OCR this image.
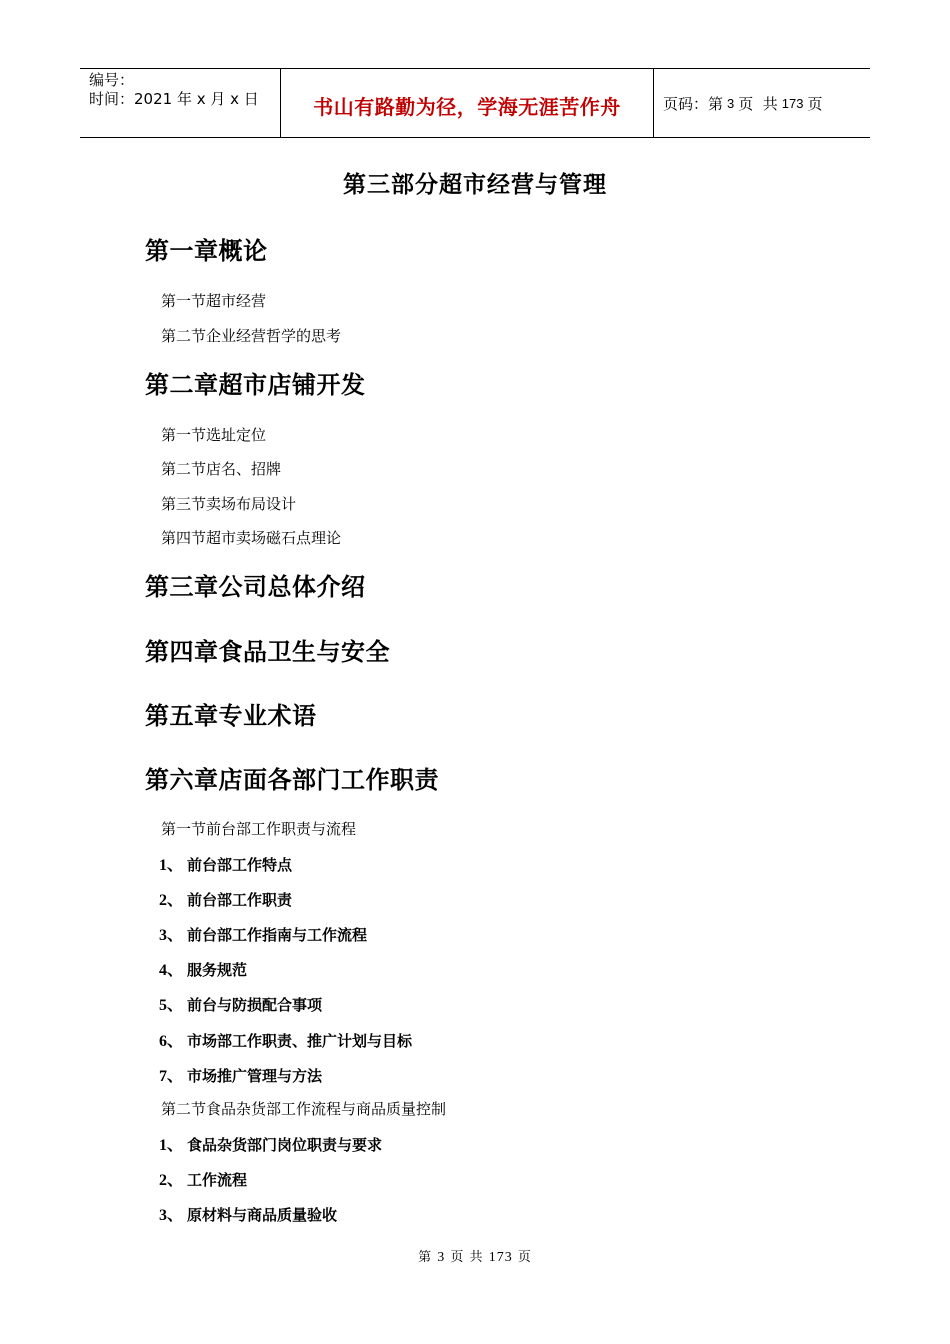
编号：
时间：2021 年 x 月 x 日	书山有路勤为径，学海无涯苦作舟	页码：第 3 页  共 173 页
第三部分超市经营与管理
第一章概论
第一节超市经营
第二节企业经营哲学的思考
第二章超市店铺开发
第一节选址定位
第二节店名、招牌
第三节卖场布局设计
第四节超市卖场磁石点理论
第三章公司总体介绍
第四章食品卫生与安全
第五章专业术语
第六章店面各部门工作职责
第一节前台部工作职责与流程
1、 前台部工作特点
2、 前台部工作职责
3、 前台部工作指南与工作流程
4、 服务规范
5、 前台与防损配合事项
6、 市场部工作职责、推广计划与目标
7、 市场推广管理与方法
第二节食品杂货部工作流程与商品质量控制
1、 食品杂货部门岗位职责与要求
2、 工作流程
3、 原材料与商品质量验收
第 3 页 共 173 页
